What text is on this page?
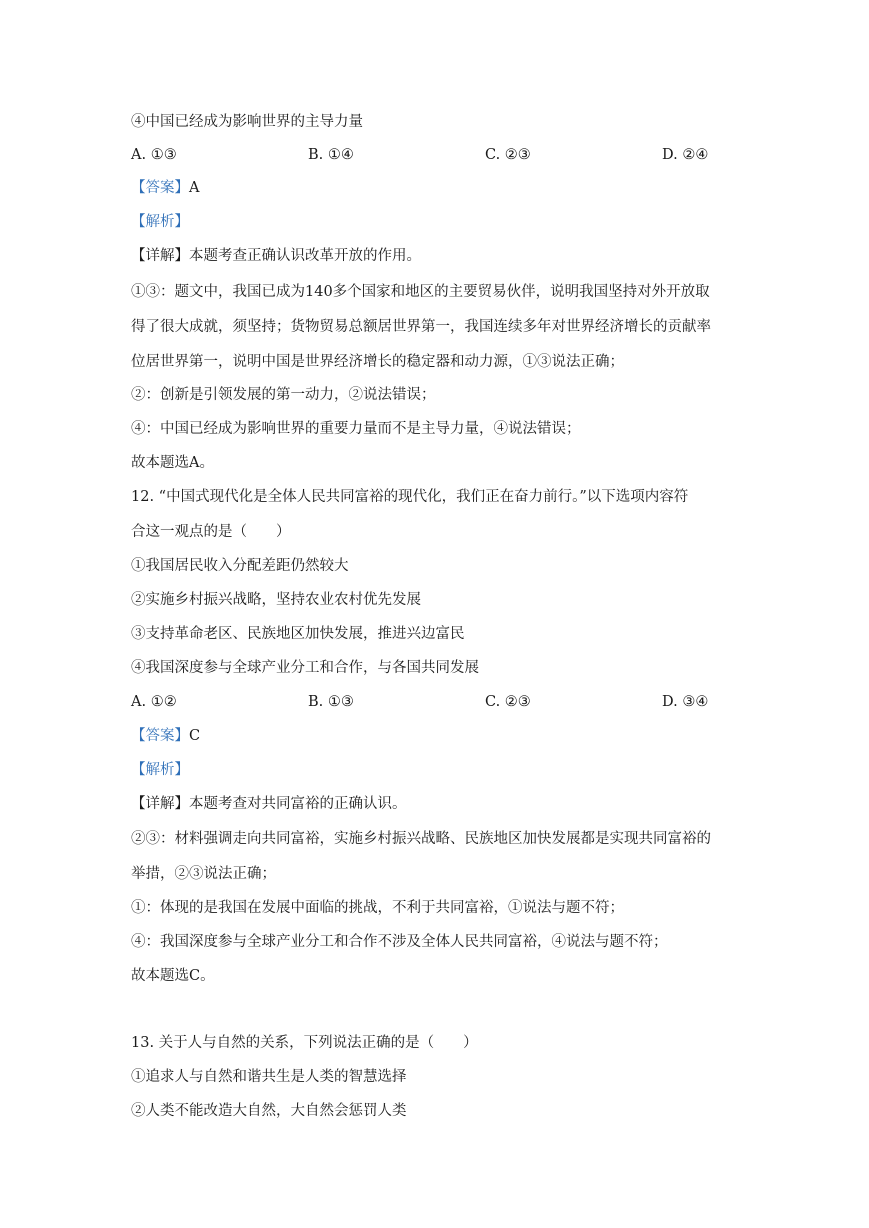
④中国已经成为影响世界的主导力量
A. ①③	B. ①④	C. ②③	D. ②④
【答案】A
【解析】
【详解】本题考查正确认识改革开放的作用。
①③：题文中，我国已成为140多个国家和地区的主要贸易伙伴，说明我国坚持对外开放取
得了很大成就，须坚持；货物贸易总额居世界第一，我国连续多年对世界经济增长的贡献率
位居世界第一，说明中国是世界经济增长的稳定器和动力源，①③说法正确；
②：创新是引领发展的第一动力，②说法错误；
④：中国已经成为影响世界的重要力量而不是主导力量，④说法错误；
故本题选A。
12. “中国式现代化是全体人民共同富裕的现代化，我们正在奋力前行。”以下选项内容符
合这一观点的是（　　）
①我国居民收入分配差距仍然较大
②实施乡村振兴战略，坚持农业农村优先发展
③支持革命老区、民族地区加快发展，推进兴边富民
④我国深度参与全球产业分工和合作，与各国共同发展
A. ①②	B. ①③	C. ②③	D. ③④
【答案】C
【解析】
【详解】本题考查对共同富裕的正确认识。
②③：材料强调走向共同富裕，实施乡村振兴战略、民族地区加快发展都是实现共同富裕的
举措，②③说法正确；
①：体现的是我国在发展中面临的挑战，不利于共同富裕，①说法与题不符；
④：我国深度参与全球产业分工和合作不涉及全体人民共同富裕，④说法与题不符；
故本题选C。
13. 关于人与自然的关系，下列说法正确的是（　　）
①追求人与自然和谐共生是人类的智慧选择
②人类不能改造大自然，大自然会惩罚人类
